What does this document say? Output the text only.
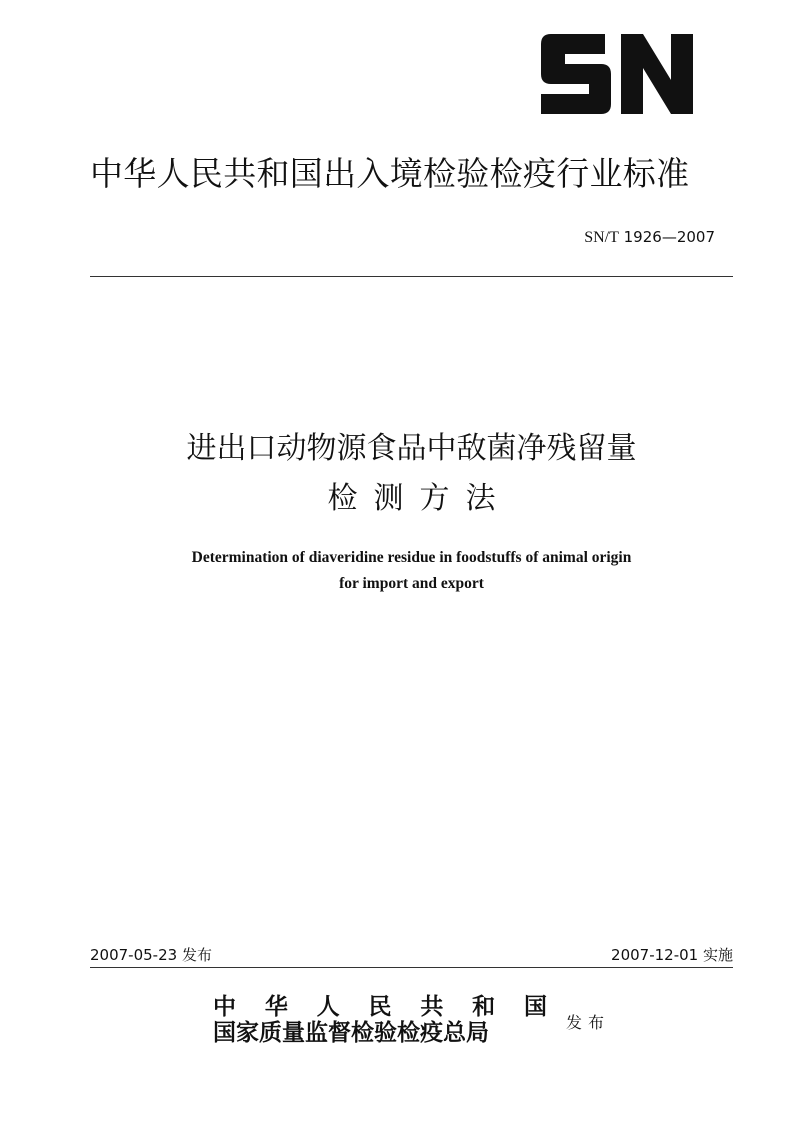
中华人民共和国出入境检验检疫行业标准
SN/T 1926—2007
进出口动物源食品中敌菌净残留量
检测方法
Determination of diaveridine residue in foodstuffs of animal origin
for import and export
2007-05-23 发布	2007-12-01 实施
中 华 人 民 共 和 国
国家质量监督检验检疫总局	发布
